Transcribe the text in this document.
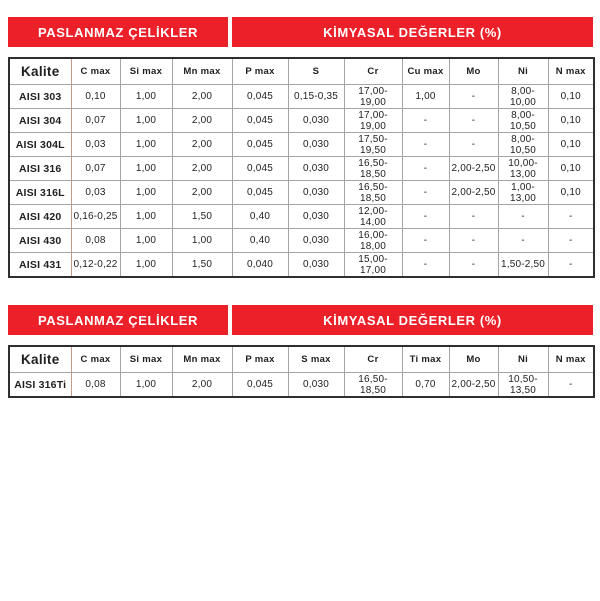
PASLANMAZ ÇELİKLER	KİMYASAL DEĞERLER (%)
Kalite	C max	Si max	Mn max	P max	S	Cr	Cu max	Mo	Ni	N max
AISI 303	0,10	1,00	2,00	0,045	0,15-0,35	17,00-19,00	1,00	-	8,00-10,00	0,10
AISI 304	0,07	1,00	2,00	0,045	0,030	17,00-19,00	-	-	8,00-10,50	0,10
AISI 304L	0,03	1,00	2,00	0,045	0,030	17,50-19,50	-	-	8,00-10,50	0,10
AISI 316	0,07	1,00	2,00	0,045	0,030	16,50-18,50	-	2,00-2,50	10,00-13,00	0,10
AISI 316L	0,03	1,00	2,00	0,045	0,030	16,50-18,50	-	2,00-2,50	1,00-13,00	0,10
AISI 420	0,16-0,25	1,00	1,50	0,40	0,030	12,00-14,00	-	-	-	-
AISI 430	0,08	1,00	1,00	0,40	0,030	16,00-18,00	-	-	-	-
AISI 431	0,12-0,22	1,00	1,50	0,040	0,030	15,00-17,00	-	-	1,50-2,50	-
PASLANMAZ ÇELİKLER	KİMYASAL DEĞERLER (%)
Kalite	C max	Si max	Mn max	P max	S max	Cr	Ti max	Mo	Ni	N max
AISI 316Ti	0,08	1,00	2,00	0,045	0,030	16,50-18,50	0,70	2,00-2,50	10,50-13,50	-
